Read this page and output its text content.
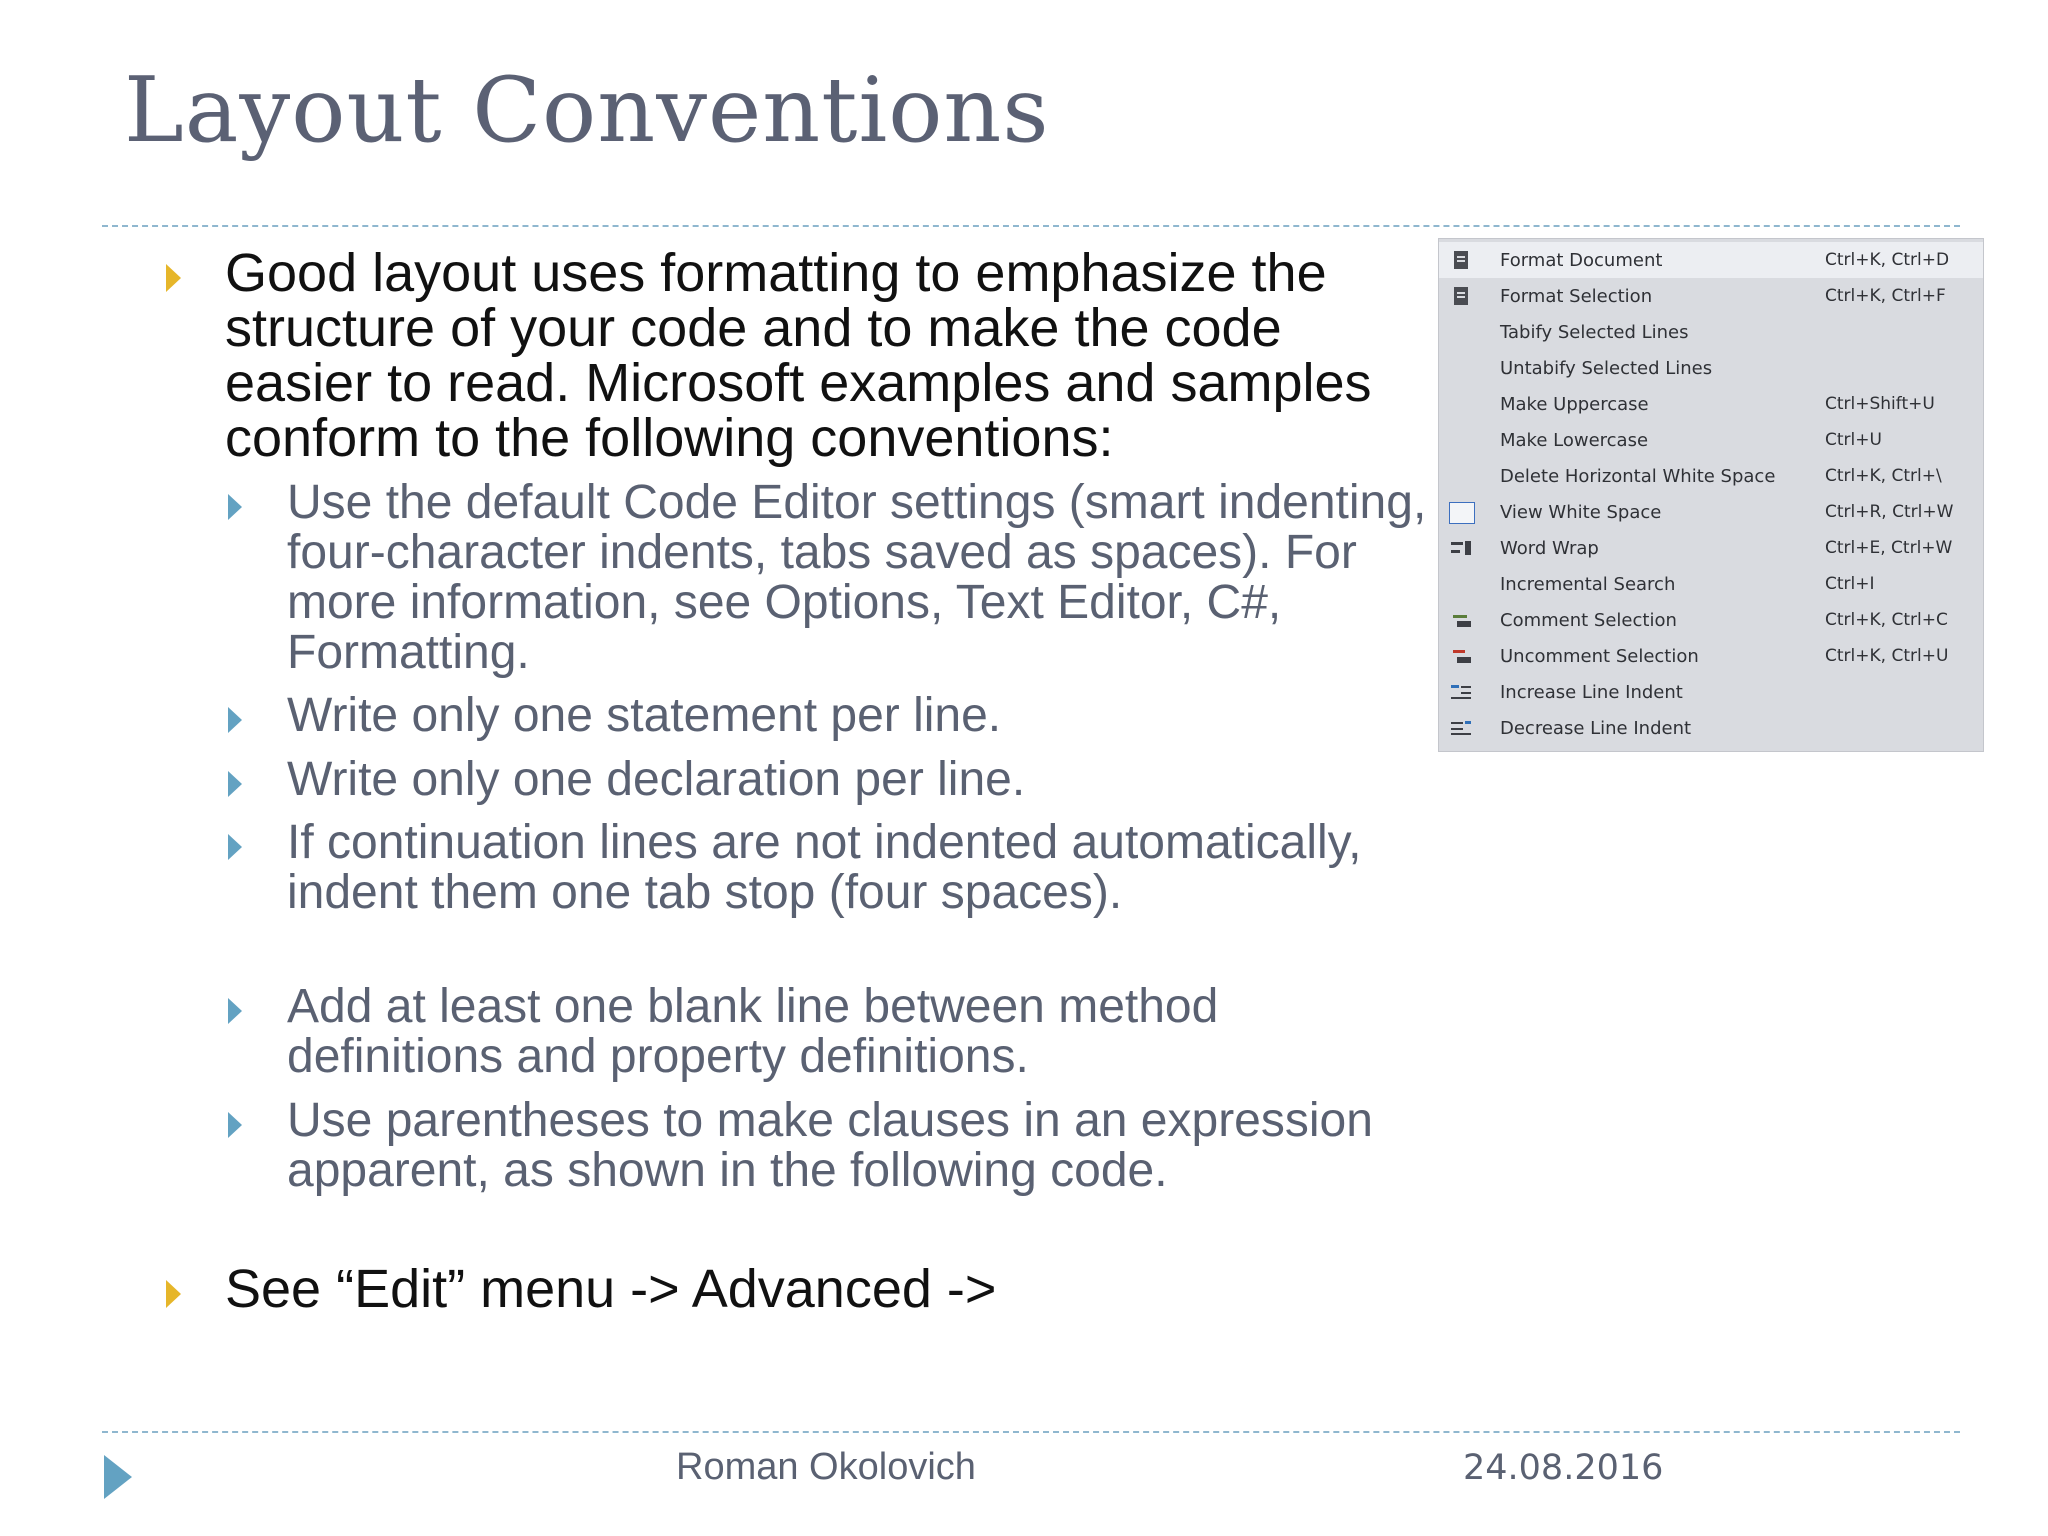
Layout Conventions
Good layout uses formatting to emphasize the structure of your code and to make the code easier to read. Microsoft examples and samples conform to the following conventions:
Use the default Code Editor settings (smart indenting, four-character indents, tabs saved as spaces). For more information, see Options, Text Editor, C#, Formatting.
Write only one statement per line.
Write only one declaration per line.
If continuation lines are not indented automatically, indent them one tab stop (four spaces).
Add at least one blank line between method definitions and property definitions.
Use parentheses to make clauses in an expression apparent, as shown in the following code.
See “Edit” menu -> Advanced ->
Format Document	Ctrl+K, Ctrl+D
Format Selection	Ctrl+K, Ctrl+F
Tabify Selected Lines
Untabify Selected Lines
Make Uppercase	Ctrl+Shift+U
Make Lowercase	Ctrl+U
Delete Horizontal White Space	Ctrl+K, Ctrl+\
View White Space	Ctrl+R, Ctrl+W
Word Wrap	Ctrl+E, Ctrl+W
Incremental Search	Ctrl+I
Comment Selection	Ctrl+K, Ctrl+C
Uncomment Selection	Ctrl+K, Ctrl+U
Increase Line Indent
Decrease Line Indent
Roman Okolovich	24.08.2016
